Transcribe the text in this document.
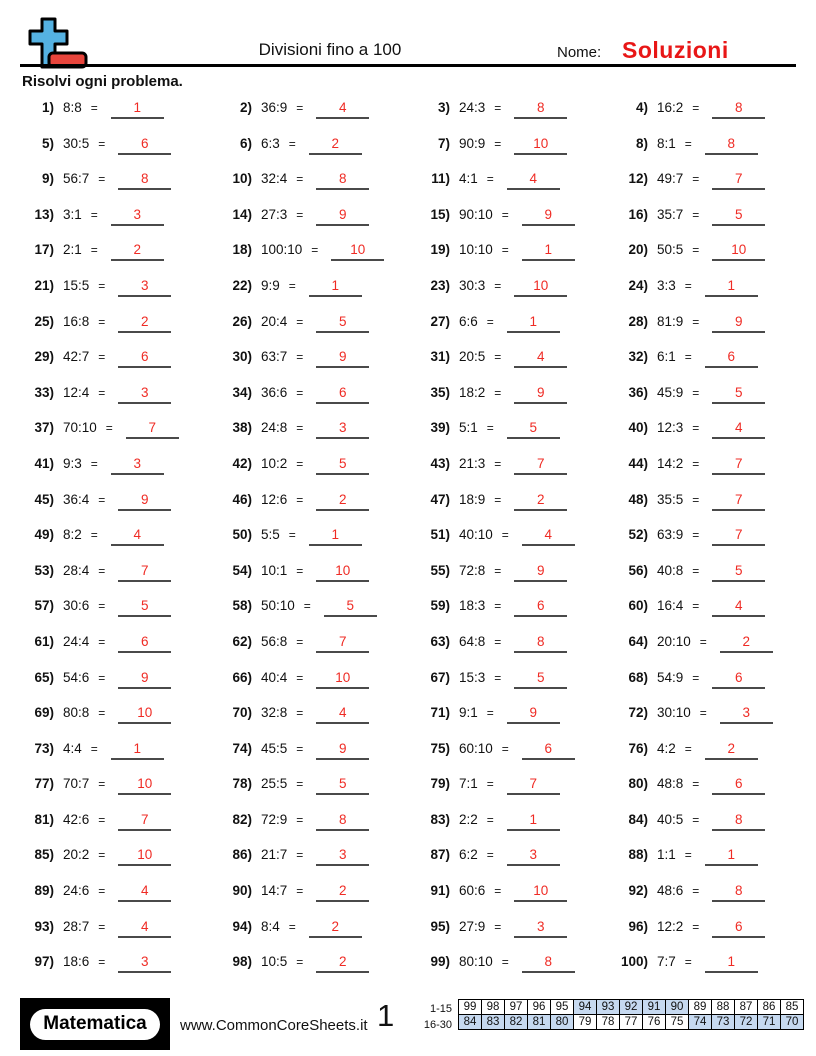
Divisioni fino a 100	Nome: Soluzioni
Risolvi ogni problema.
1) 8:8 =	1	2) 36:9 =	4	3) 24:3 =	8	4) 16:2 =	8
5) 30:5 =	6	6) 6:3 =	2	7) 90:9 =	10	8) 8:1 =	8
9) 56:7 =	8	10) 32:4 =	8	11) 4:1 =	4	12) 49:7 =	7
13) 3:1 =	3	14) 27:3 =	9	15) 90:10 =	9	16) 35:7 =	5
17) 2:1 =	2	18) 100:10 =	10	19) 10:10 =	1	20) 50:5 =	10
21) 15:5 =	3	22) 9:9 =	1	23) 30:3 =	10	24) 3:3 =	1
25) 16:8 =	2	26) 20:4 =	5	27) 6:6 =	1	28) 81:9 =	9
29) 42:7 =	6	30) 63:7 =	9	31) 20:5 =	4	32) 6:1 =	6
33) 12:4 =	3	34) 36:6 =	6	35) 18:2 =	9	36) 45:9 =	5
37) 70:10 =	7	38) 24:8 =	3	39) 5:1 =	5	40) 12:3 =	4
41) 9:3 =	3	42) 10:2 =	5	43) 21:3 =	7	44) 14:2 =	7
45) 36:4 =	9	46) 12:6 =	2	47) 18:9 =	2	48) 35:5 =	7
49) 8:2 =	4	50) 5:5 =	1	51) 40:10 =	4	52) 63:9 =	7
53) 28:4 =	7	54) 10:1 =	10	55) 72:8 =	9	56) 40:8 =	5
57) 30:6 =	5	58) 50:10 =	5	59) 18:3 =	6	60) 16:4 =	4
61) 24:4 =	6	62) 56:8 =	7	63) 64:8 =	8	64) 20:10 =	2
65) 54:6 =	9	66) 40:4 =	10	67) 15:3 =	5	68) 54:9 =	6
69) 80:8 =	10	70) 32:8 =	4	71) 9:1 =	9	72) 30:10 =	3
73) 4:4 =	1	74) 45:5 =	9	75) 60:10 =	6	76) 4:2 =	2
77) 70:7 =	10	78) 25:5 =	5	79) 7:1 =	7	80) 48:8 =	6
81) 42:6 =	7	82) 72:9 =	8	83) 2:2 =	1	84) 40:5 =	8
85) 20:2 =	10	86) 21:7 =	3	87) 6:2 =	3	88) 1:1 =	1
89) 24:6 =	4	90) 14:7 =	2	91) 60:6 =	10	92) 48:6 =	8
93) 28:7 =	4	94) 8:4 =	2	95) 27:9 =	3	96) 12:2 =	6
97) 18:6 =	3	98) 10:5 =	2	99) 80:10 =	8	100) 7:7 =	1
Matematica	www.CommonCoreSheets.it 1	1-15
16-30
99	98	97	96	95	94	93	92	91	90	89	88	87	86	85
84	83	82	81	80	79	78	77	76	75	74	73	72	71	70
